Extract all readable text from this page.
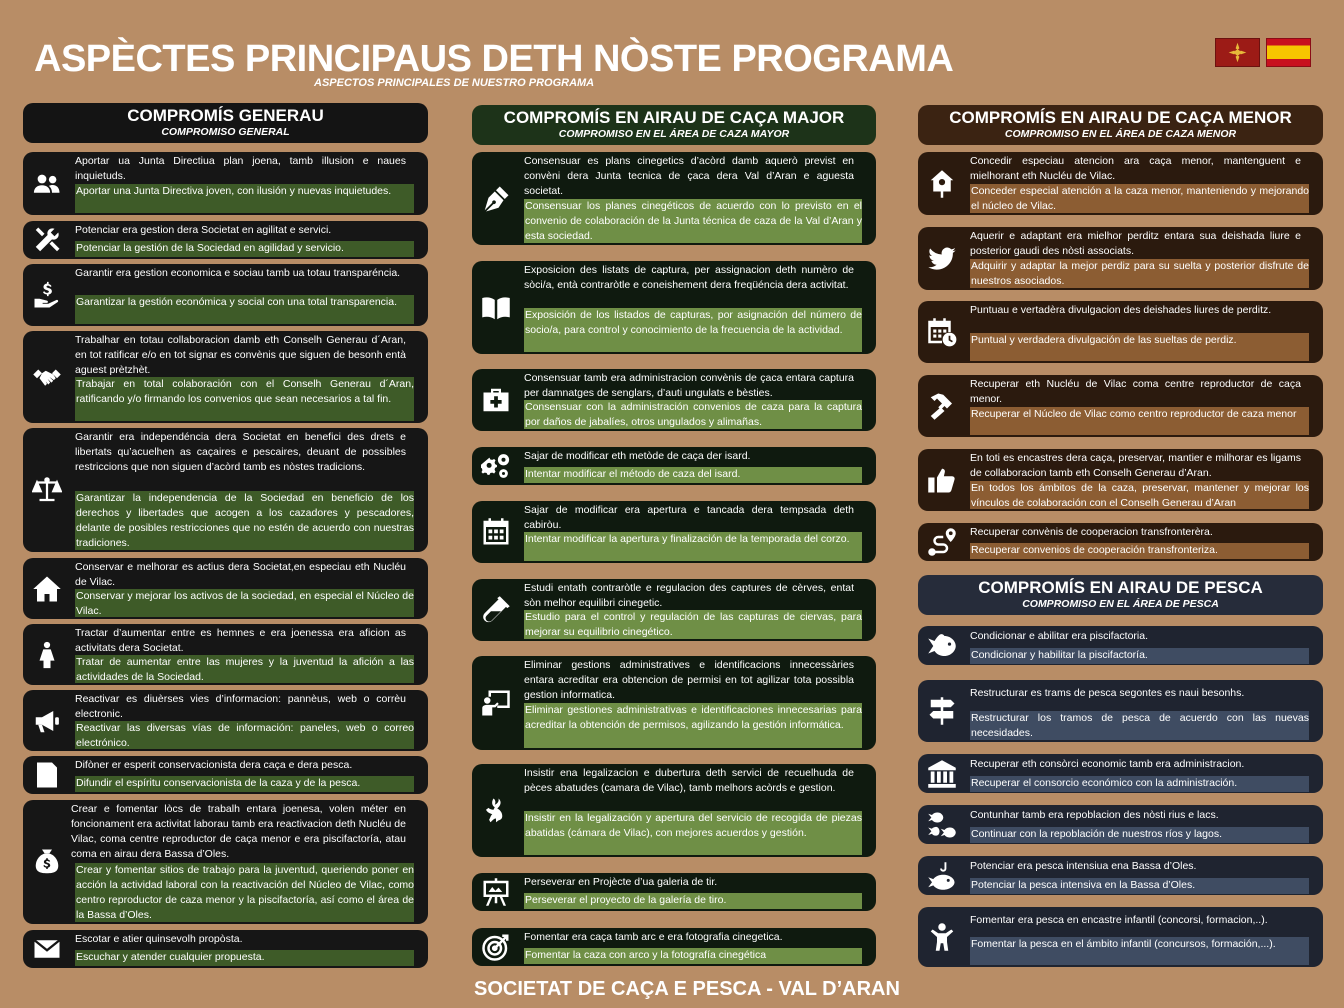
ASPÈCTES PRINCIPAUS DETH NÒSTE PROGRAMA
ASPECTOS PRINCIPALES DE NUESTRO PROGRAMA
COMPROMÍS GENERAU
COMPROMISO GENERAL
Aportar ua Junta Directiua plan joena, tamb illusion e naues inquietuds.
Aportar una Junta Directiva joven, con ilusión y nuevas inquietudes.
Potenciar era gestion dera Societat en agilitat e servici.
Potenciar la gestión de la Sociedad en agilidad y servicio.
Garantir era gestion economica e sociau tamb ua totau transparéncia.
Garantizar la gestión económica y social con una total transparencia.
Trabalhar en totau collaboracion damb eth Conselh Generau d´Aran, en tot ratificar e/o en tot signar es convènis que siguen de besonh entà aguest prètzhèt.
Trabajar en total colaboración con el Conselh Generau d´Aran, ratificando y/o firmando los convenios que sean necesarios a tal fin.
Garantir era independéncia dera Societat en benefici des drets e libertats qu’acuelhen as caçaires e pescaires, deuant de possibles restriccions que non siguen d’acòrd tamb es nòstes tradicions.
Garantizar la independencia de la Sociedad en beneficio de los derechos y libertades que acogen a los cazadores y pescadores, delante de posibles restricciones que no estén de acuerdo con nuestras tradiciones.
Conservar e melhorar es actius dera Societat,en especiau eth Nucléu de Vilac.
Conservar y mejorar los activos de la sociedad, en especial el Núcleo de Vilac.
Tractar d’aumentar entre es hemnes e era joenessa era aficion as activitats dera Societat.
Tratar de aumentar entre las mujeres y la juventud la afición a las actividades de la Sociedad.
Reactivar es diuèrses vies d’informacion: pannèus, web o corrèu electronic.
Reactivar las diversas vías de información: paneles, web o correo electrónico.
Difòner er esperit conservacionista dera caça e dera pesca.
Difundir el espíritu conservacionista de la caza y de la pesca.
Crear e fomentar lòcs de trabalh entara joenesa, volen méter en foncionament era activitat laborau tamb era reactivacion deth Nucléu de Vilac, coma centre reproductor de caça menor e era piscifactoría, atau coma en airau dera Bassa d’Oles.
Crear y fomentar sitios de trabajo para la juventud, queriendo poner en acción la actividad laboral con la reactivación del Núcleo de Vilac, como centro reproductor de caza menor y la piscifactoría, así como el área de la Bassa d’Oles.
Escotar e atier quinsevolh propòsta.
Escuchar y atender cualquier propuesta.
COMPROMÍS EN AIRAU DE CAÇA MAJOR
COMPROMISO EN EL ÁREA DE CAZA MAYOR
Consensuar es plans cinegetics d’acòrd damb aquerò previst en convèni dera Junta tecnica de çaca dera Val d’Aran e aguesta societat.
Consensuar los planes cinegéticos de acuerdo con lo previsto en el convenio de colaboración de la Junta técnica de caza de la Val d’Aran y esta sociedad.
Exposicion des listats de captura, per assignacion deth numèro de sòci/a, entà contraròtle e coneishement dera freqüéncia dera activitat.
Exposición de los listados de capturas, por asignación del número de socio/a, para control y conocimiento de la frecuencia de la actividad.
Consensuar tamb era administracion convènis de çaca entara captura per damnatges de senglars, d’auti ungulats e bèsties.
Consensuar con la administración convenios de caza para la captura por daños de jabalíes, otros ungulados y alimañas.
Sajar de modificar eth metòde de caça der isard.
Intentar modificar el método de caza del isard.
Sajar de modificar era apertura e tancada dera tempsada deth cabiròu.
Intentar modificar la apertura y finalización de la temporada del corzo.
Estudi entath contraròtle e regulacion des captures de cèrves, entat sòn melhor equilibri cinegetic.
Estudio para el control y regulación de las capturas de ciervas, para mejorar su equilibrio cinegético.
Eliminar gestions administratives e identificacions innecessàries entara acreditar era obtencion de permisi en tot agilizar tota possibla gestion informatica.
Eliminar gestiones administrativas e identificaciones innecesarias para acreditar la obtención de permisos, agilizando la gestión informática.
Insistir ena legalizacion e dubertura deth servici de recuelhuda de pèces abatudes (camara de Vilac), tamb melhors acòrds e gestion.
Insistir en la legalización y apertura del servicio de recogida de piezas abatidas (cámara de Vilac), con mejores acuerdos y gestión.
Perseverar en Projècte d’ua galeria de tir.
Perseverar el proyecto de la galería de tiro.
Fomentar era caça tamb arc e era fotografia cinegetica.
Fomentar la caza con arco y la fotografía cinegética
COMPROMÍS EN AIRAU DE CAÇA MENOR
COMPROMISO EN EL ÁREA DE CAZA MENOR
Concedir especiau atencion ara caça menor, mantenguent e mielhorant eth Nucléu de Vilac.
Conceder especial atención a la caza menor, manteniendo y mejorando el núcleo de Vilac.
Aquerir e adaptant era mielhor perditz entara sua deishada liure e posterior gaudi des nòsti associats.
Adquirir y adaptar la mejor perdiz para su suelta y posterior disfrute de nuestros asociados.
Puntuau e vertadèra divulgacion des deishades liures de perditz.
Puntual y verdadera divulgación de las sueltas de perdiz.
Recuperar eth Nucléu de Vilac coma centre reproductor de caça menor.
Recuperar el Núcleo de Vilac como centro reproductor de caza menor
En toti es encastres dera caça, preservar, mantier e milhorar es ligams de collaboracion tamb eth Conselh Generau d’Aran.
En todos los ámbitos de la caza, preservar, mantener y mejorar los vínculos de colaboración con el Conselh Generau d’Aran
Recuperar convènis de cooperacion transfronterèra.
Recuperar convenios de cooperación transfronteriza.
COMPROMÍS EN AIRAU DE PESCA
COMPROMISO EN EL ÁREA DE PESCA
Condicionar e abilitar era piscifactoria.
Condicionar y habilitar la piscifactoría.
Restructurar es trams de pesca segontes es naui besonhs.
Restructurar los tramos de pesca de acuerdo con las nuevas necesidades.
Recuperar eth consòrci economic tamb era administracion.
Recuperar el consorcio económico con la administración.
Contunhar tamb era repoblacion des nòsti rius e lacs.
Continuar con la repoblación de nuestros ríos y lagos.
Potenciar era pesca intensiua ena Bassa d’Oles.
Potenciar la pesca intensiva en la Bassa d’Oles.
Fomentar era pesca en encastre infantil (concorsi, formacion,..).
Fomentar la pesca en el ámbito infantil (concursos, formación,...).
SOCIETAT DE CAÇA E PESCA - VAL D’ARAN
